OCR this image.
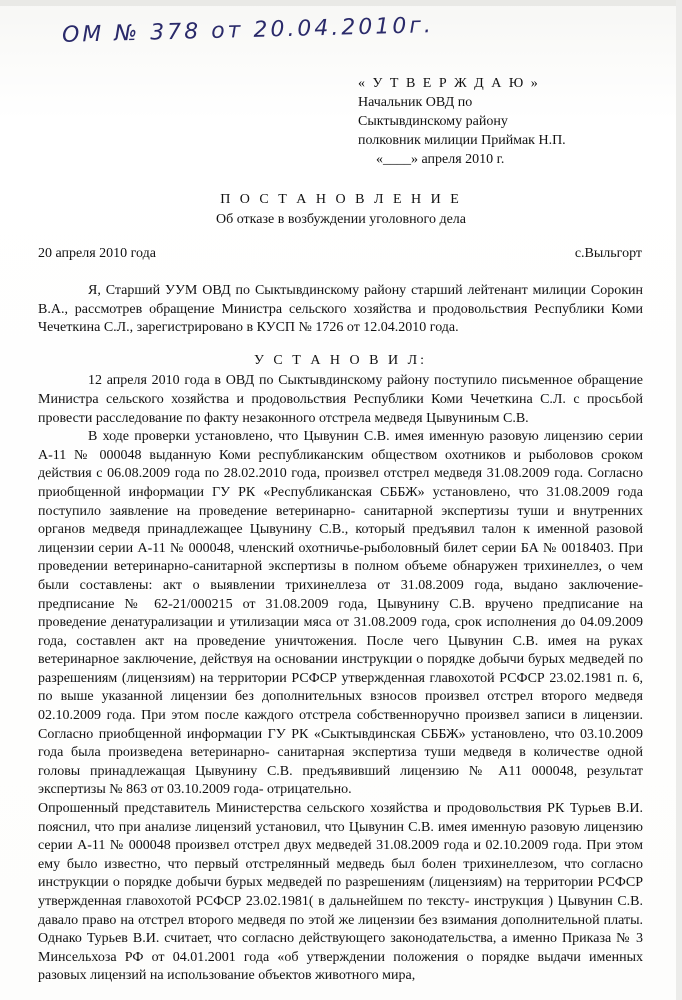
ОМ № 378 от 20.04.2010г.
« У Т В Е Р Ж Д А Ю »
Начальник ОВД по
Сыктывдинскому району
полковник милиции Приймак Н.П.
«____» апреля 2010 г.
П О С Т А Н О В Л Е Н И Е
Об отказе в возбуждении уголовного дела
20 апреля 2010 года	с.Выльгорт

Я, Старший УУМ ОВД по Сыктывдинскому району старший лейтенант милиции Сорокин В.А., рассмотрев обращение Министра сельского хозяйства и продовольствия Республики Коми Чечеткина С.Л., зарегистрировано в КУСП № 1726 от 12.04.2010 года.

У С Т А Н О В И Л:

12 апреля 2010 года в ОВД по Сыктывдинскому району поступило письменное обращение Министра сельского хозяйства и продовольствия Республики Коми Чечеткина С.Л. с просьбой провести расследование по факту незаконного отстрела медведя Цывуниным С.В.

В ходе проверки установлено, что Цывунин С.В. имея именную разовую лицензию серии А-11 № 000048 выданную Коми республиканским обществом охотников и рыболовов сроком действия с 06.08.2009 года по 28.02.2010 года, произвел отстрел медведя 31.08.2009 года. Согласно приобщенной информации ГУ РК «Республиканская СББЖ» установлено, что 31.08.2009 года поступило заявление на проведение ветеринарно- санитарной экспертизы туши и внутренних органов медведя принадлежащее Цывунину С.В., который предъявил талон к именной разовой лицензии серии А-11 № 000048, членский охотничье-рыболовный билет серии БА № 0018403. При проведении ветеринарно-санитарной экспертизы в полном объеме обнаружен трихинеллез, о чем были составлены: акт о выявлении трихинеллеза от 31.08.2009 года, выдано заключение-предписание № 62-21/000215 от 31.08.2009 года, Цывунину С.В. вручено предписание на проведение денатурализации и утилизации мяса от 31.08.2009 года, срок исполнения до 04.09.2009 года, составлен акт на проведение уничтожения. После чего Цывунин С.В. имея на руках ветеринарное заключение, действуя на основании инструкции о порядке добычи бурых медведей по разрешениям (лицензиям) на территории РСФСР утвержденная главохотой РСФСР 23.02.1981 п. 6, по выше указанной лицензии без дополнительных взносов произвел отстрел второго медведя 02.10.2009 года. При этом после каждого отстрела собственноручно произвел записи в лицензии. Согласно приобщенной информации ГУ РК «Сыктывдинская СББЖ» установлено, что 03.10.2009 года была произведена ветеринарно- санитарная экспертиза туши медведя в количестве одной головы принадлежащая Цывунину С.В. предъявивший лицензию № А11 000048, результат экспертизы № 863 от 03.10.2009 года- отрицательно.

Опрошенный представитель Министерства сельского хозяйства и продовольствия РК Турьев В.И. пояснил, что при анализе лицензий установил, что Цывунин С.В. имея именную разовую лицензию серии А-11 № 000048 произвел отстрел двух медведей 31.08.2009 года и 02.10.2009 года. При этом ему было известно, что первый отстрелянный медведь был болен трихинеллезом, что согласно инструкции о порядке добычи бурых медведей по разрешениям (лицензиям) на территории РСФСР утвержденная главохотой РСФСР 23.02.1981( в дальнейшем по тексту- инструкция ) Цывунин С.В. давало право на отстрел второго медведя по этой же лицензии без взимания дополнительной платы. Однако Турьев В.И. считает, что согласно действующего законодательства, а именно Приказа № 3 Минсельхоза РФ от 04.01.2001 года «об утверждении положения о порядке выдачи именных разовых лицензий на использование объектов животного мира,
